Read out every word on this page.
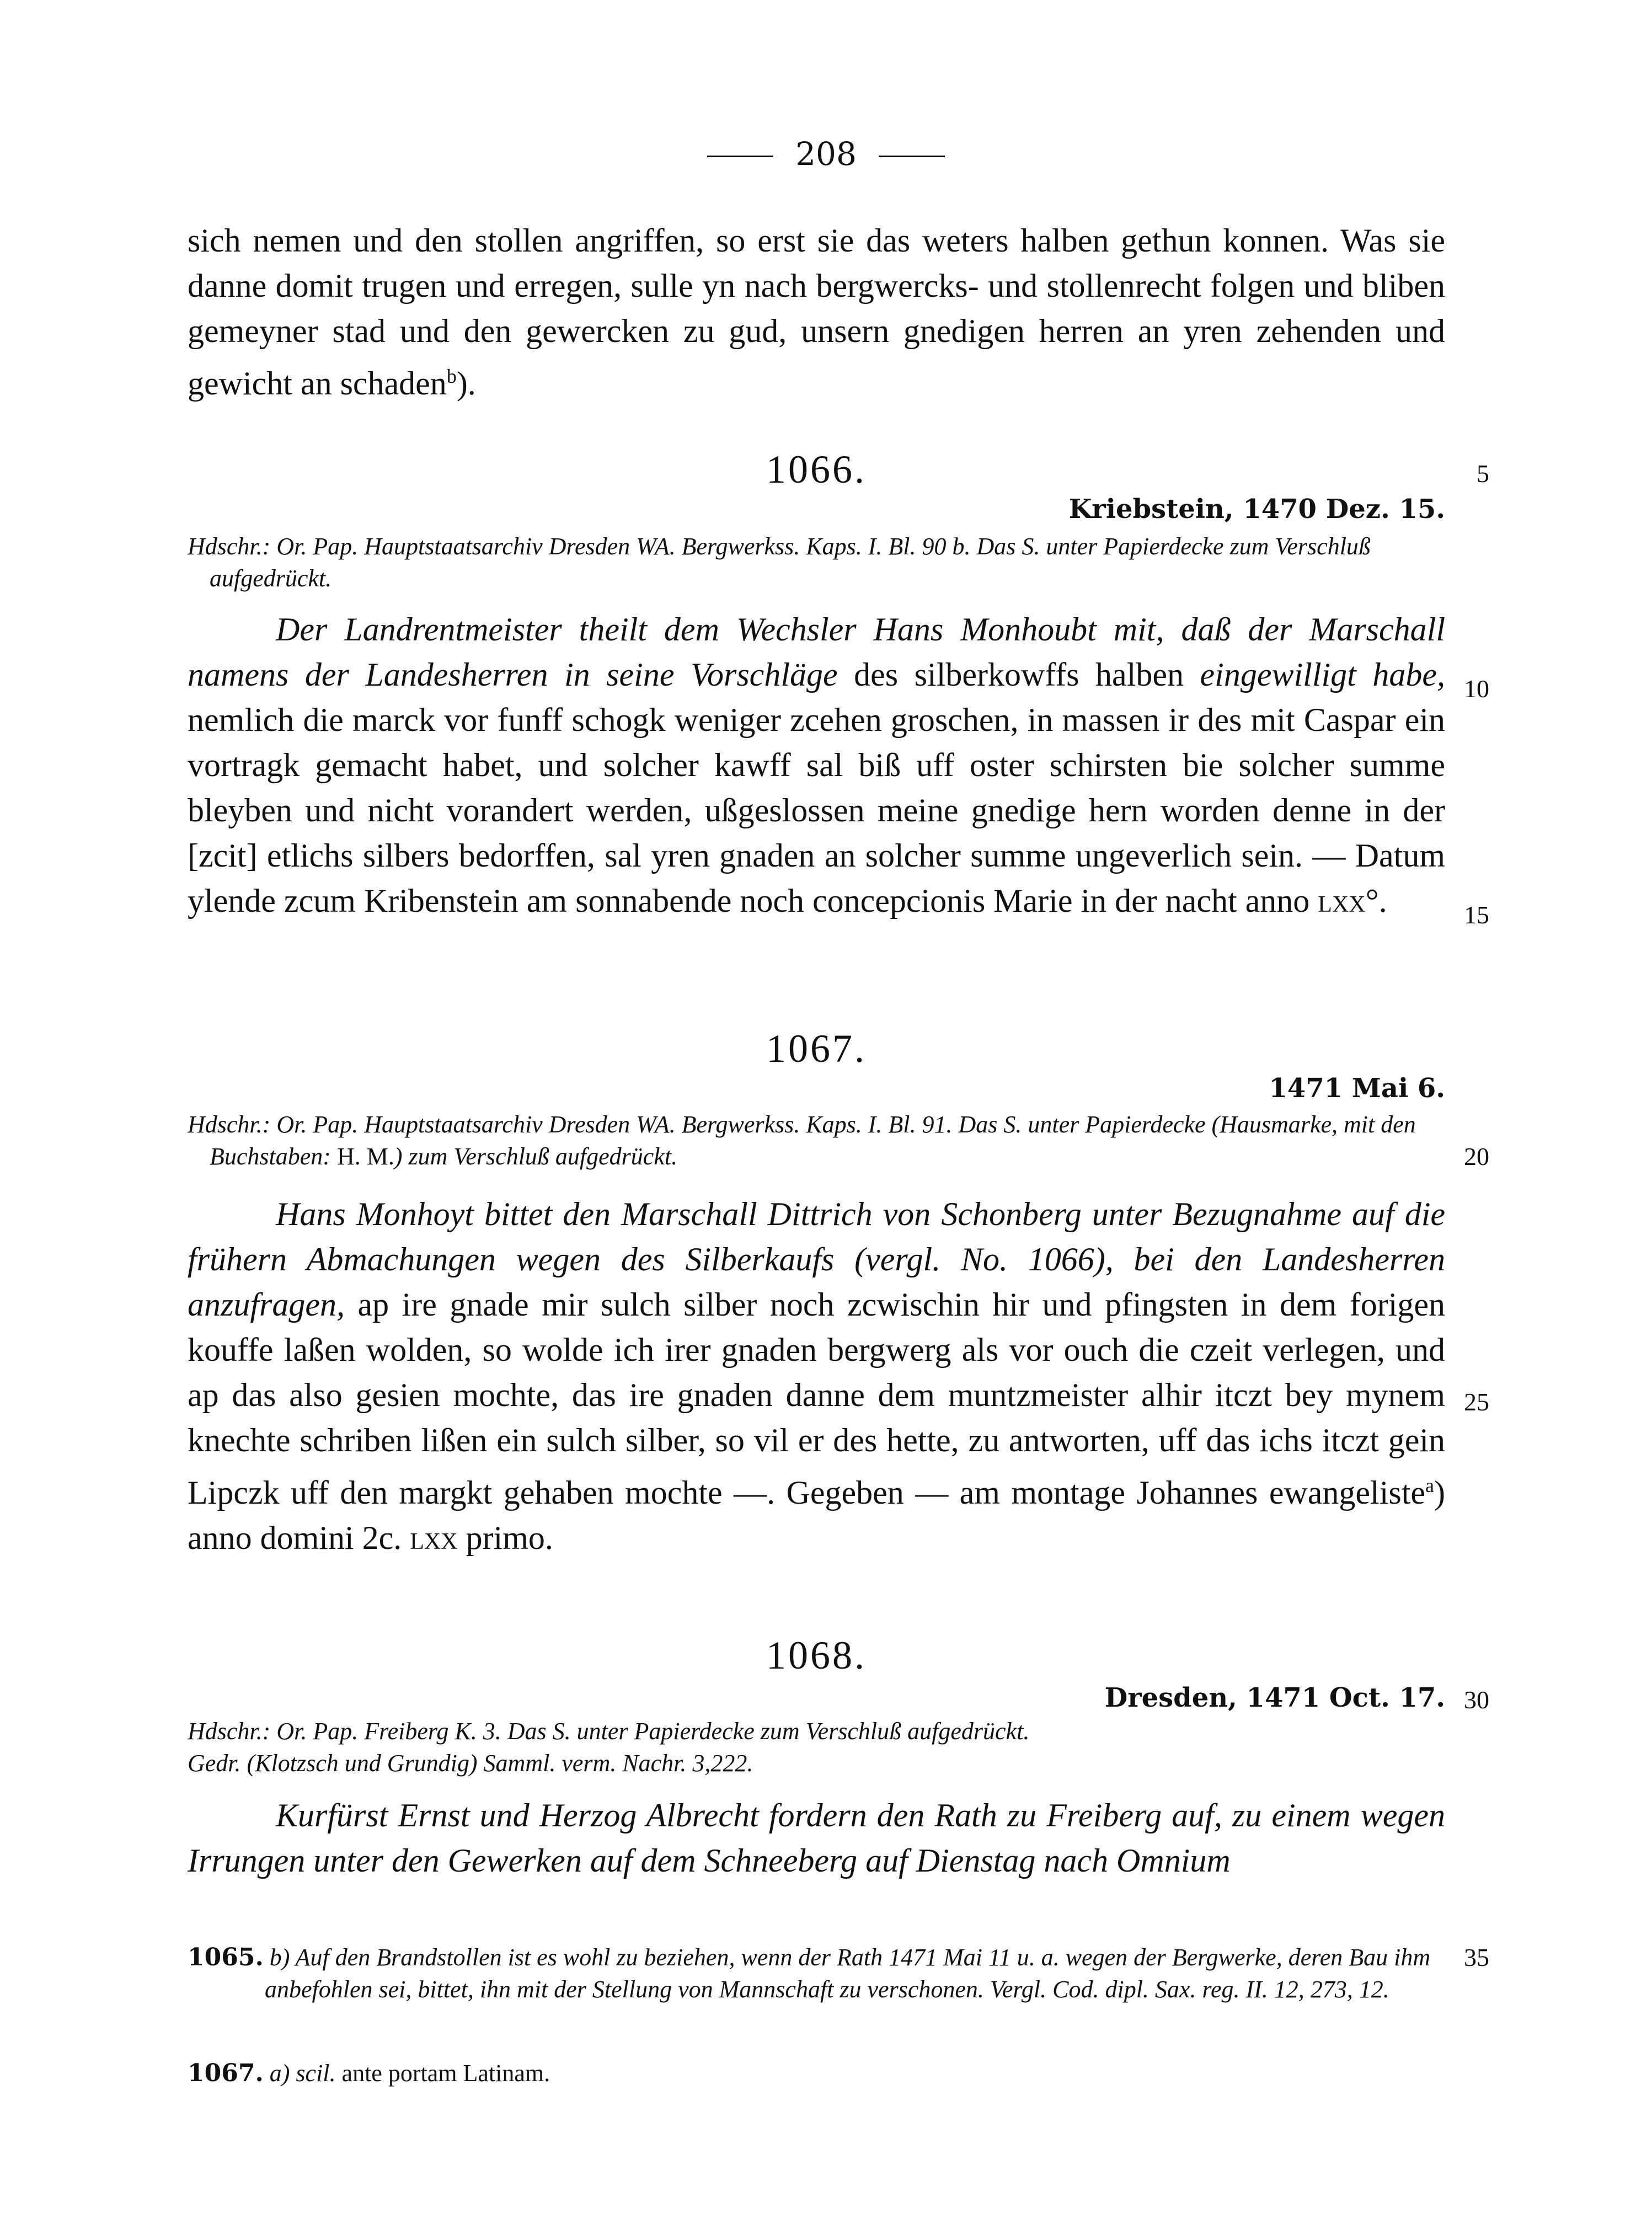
208
sich nemen und den stollen angriffen, so erst sie das weters halben gethun konnen. Was sie danne domit trugen und erregen, sulle yn nach bergwercks- und stollenrecht folgen und bliben gemeyner stad und den gewercken zu gud, unsern gnedigen herren an yren zehenden und gewicht an schaden$^b$).
1066.	5
Kriebstein, 1470 Dez. 15.
Hdschr.: Or. Pap. Hauptstaatsarchiv Dresden WA. Bergwerkss. Kaps. I. Bl. 90 b. Das S. unter Papierdecke zum Verschluß aufgedrückt.
Der Landrentmeister theilt dem Wechsler Hans Monhoubt mit, daß der Marschall namens der Landesherren in seine Vorschläge des silberkowffs halben eingewilligt habe, nemlich die marck vor funff schogk weniger zcehen groschen, in massen ir des mit Caspar ein vortragk gemacht habet, und solcher kawff sal biß uff oster schirsten bie solcher summe bleyben und nicht vorandert werden, ußgeslossen meine gnedige hern worden denne in der [zcit] etlichs silbers bedorffen, sal yren gnaden an solcher summe ungeverlich sein. — Datum ylende zcum Kribenstein am sonnabende noch concepcionis Marie in der nacht anno lxx°.
10
15
1067.
1471 Mai 6.
Hdschr.: Or. Pap. Hauptstaatsarchiv Dresden WA. Bergwerkss. Kaps. I. Bl. 91. Das S. unter Papierdecke (Hausmarke, mit den Buchstaben: H. M.) zum Verschluß aufgedrückt.	20
Hans Monhoyt bittet den Marschall Dittrich von Schonberg unter Bezugnahme auf die frühern Abmachungen wegen des Silberkaufs (vergl. No. 1066), bei den Landesherren anzufragen, ap ire gnade mir sulch silber noch zcwischin hir und pfingsten in dem forigen kouffe laßen wolden, so wolde ich irer gnaden bergwerg als vor ouch die czeit verlegen, und ap das also gesien mochte, das ire gnaden danne dem muntzmeister alhir itczt bey mynem knechte schriben lißen ein sulch silber, so vil er des hette, zu antworten, uff das ichs itczt gein Lipczk uff den margkt gehaben mochte —. Gegeben — am montage Johannes ewangeliste$^a$) anno domini 2c. lxx primo.
25
1068.
Dresden, 1471 Oct. 17. 30
Hdschr.: Or. Pap. Freiberg K. 3. Das S. unter Papierdecke zum Verschluß aufgedrückt.
Gedr. (Klotzsch und Grundig) Samml. verm. Nachr. 3,222.
Kurfürst Ernst und Herzog Albrecht fordern den Rath zu Freiberg auf, zu einem wegen Irrungen unter den Gewerken auf dem Schneeberg auf Dienstag nach Omnium
1065. b) Auf den Brandstollen ist es wohl zu beziehen, wenn der Rath 1471 Mai 11 u. a. wegen der Bergwerke, deren Bau ihm anbefohlen sei, bittet, ihn mit der Stellung von Mannschaft zu verschonen. Vergl. Cod. dipl. Sax. reg. II. 12, 273, 12.
35
1067. a) scil. ante portam Latinam.
